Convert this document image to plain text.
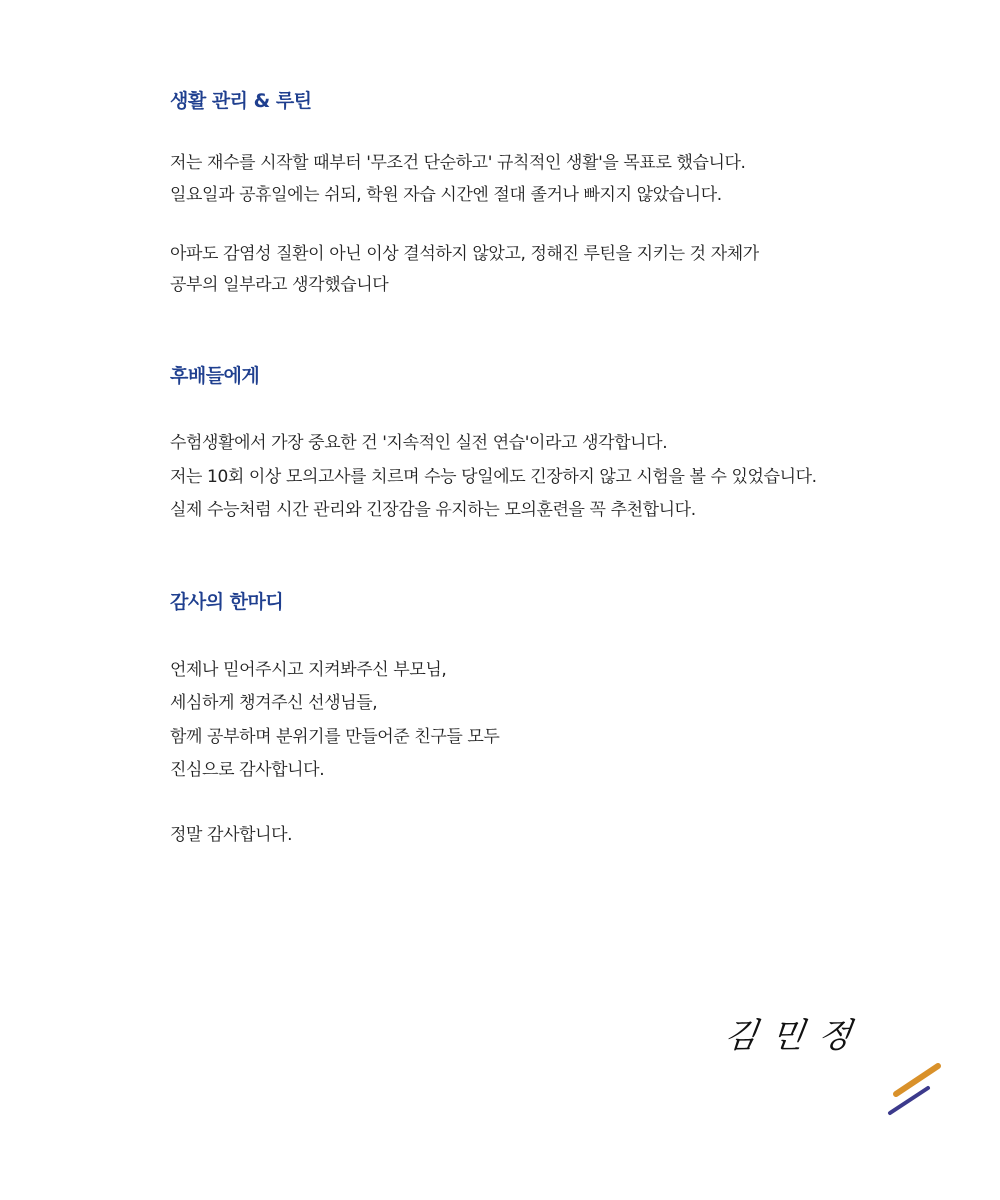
생활 관리 & 루틴
저는 재수를 시작할 때부터 '무조건 단순하고' 규칙적인 생활'을 목표로 했습니다.
일요일과 공휴일에는 쉬되, 학원 자습 시간엔 절대 졸거나 빠지지 않았습니다.
아파도 감염성 질환이 아닌 이상 결석하지 않았고, 정해진 루틴을 지키는 것 자체가
공부의 일부라고 생각했습니다
후배들에게
수험생활에서 가장 중요한 건 '지속적인 실전 연습'이라고 생각합니다.
저는 10회 이상 모의고사를 치르며 수능 당일에도 긴장하지 않고 시험을 볼 수 있었습니다.
실제 수능처럼 시간 관리와 긴장감을 유지하는 모의훈련을 꼭 추천합니다.
감사의 한마디
언제나 믿어주시고 지켜봐주신 부모님,
세심하게 챙겨주신 선생님들,
함께 공부하며 분위기를 만들어준 친구들 모두
진심으로 감사합니다.
정말 감사합니다.
김민정
